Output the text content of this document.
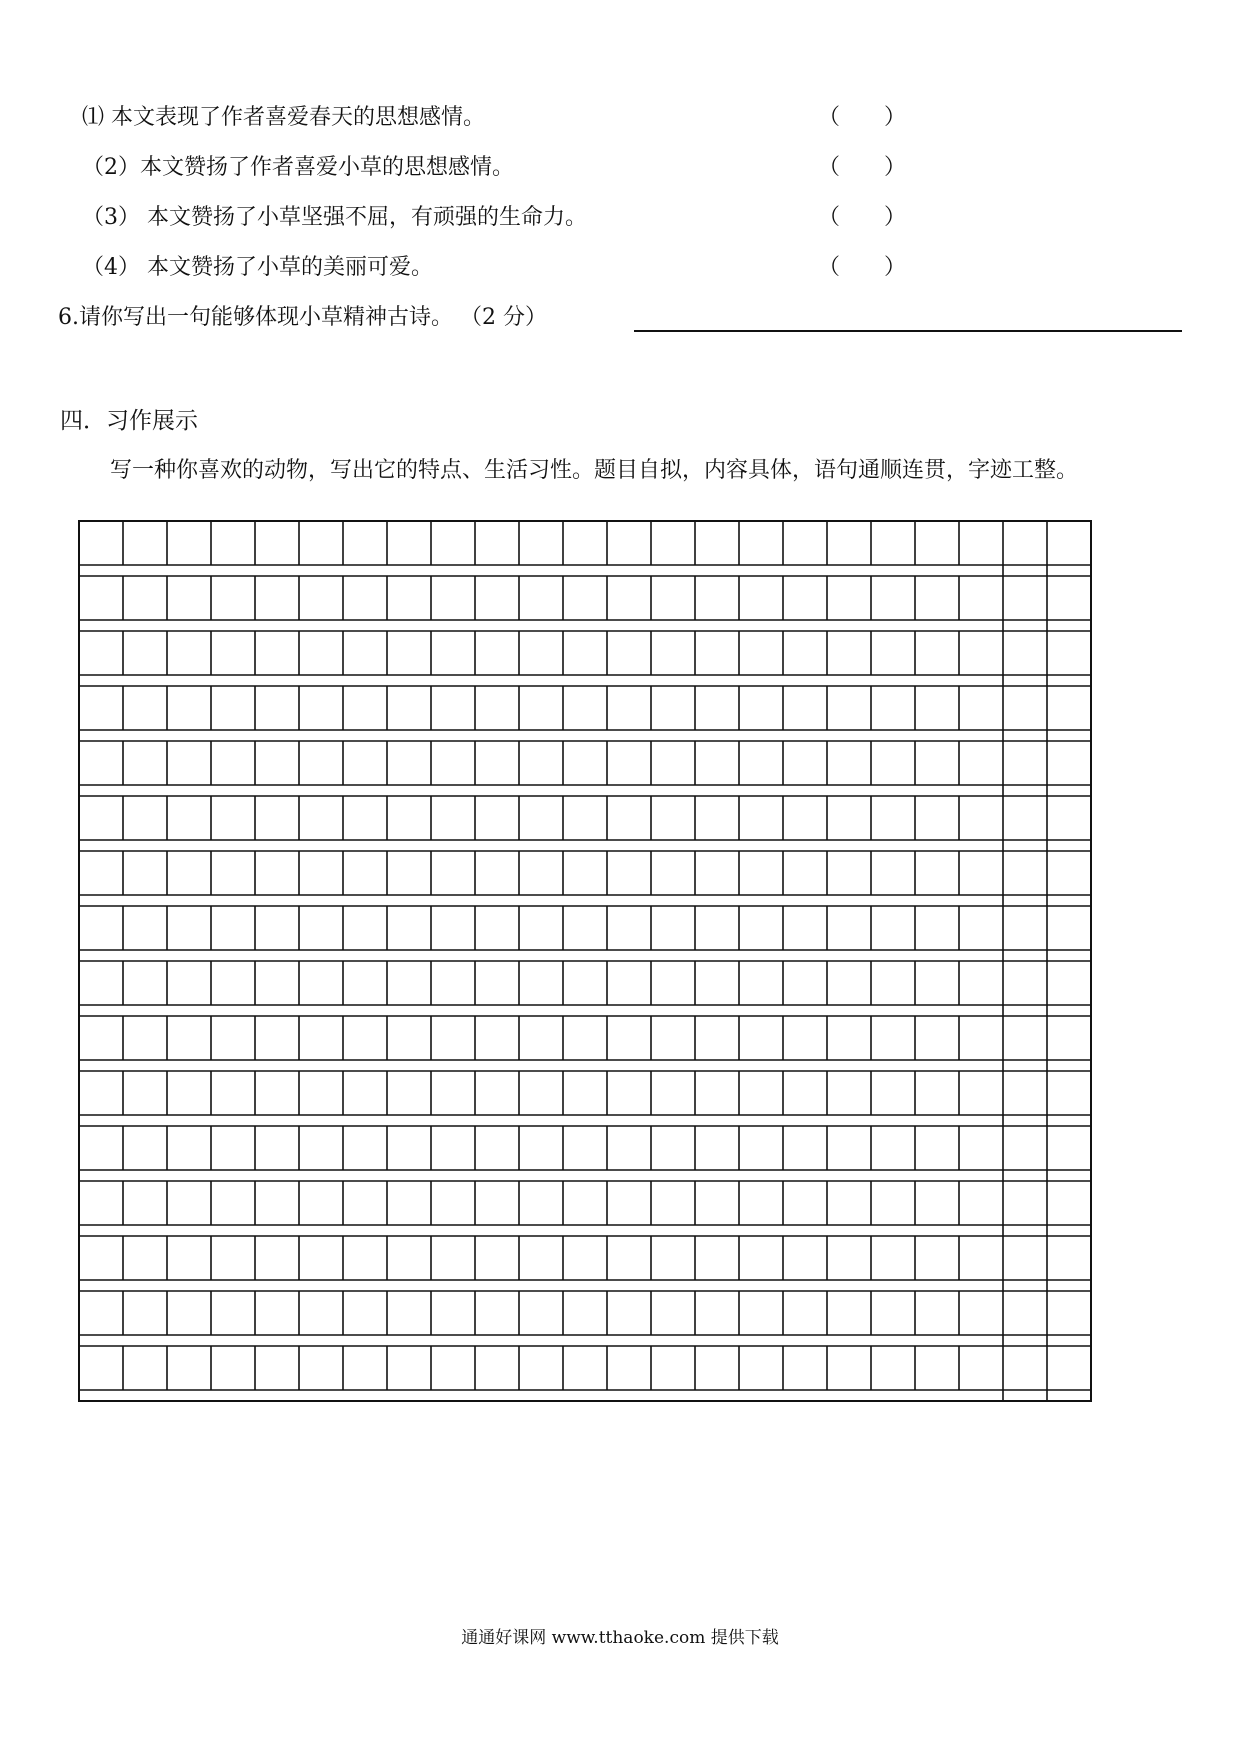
⑴ 本文表现了作者喜爱春天的思想感情。	（　　）
（2）本文赞扬了作者喜爱小草的思想感情。	（　　）
（3） 本文赞扬了小草坚强不屈，有顽强的生命力。	（　　）
（4） 本文赞扬了小草的美丽可爱。	（　　）
6.请你写出一句能够体现小草精神古诗。 （2 分）
四．习作展示
写一种你喜欢的动物，写出它的特点、生活习性。题目自拟，内容具体，语句通顺连贯，字迹工整。
通通好课网 www.tthaoke.com 提供下载
